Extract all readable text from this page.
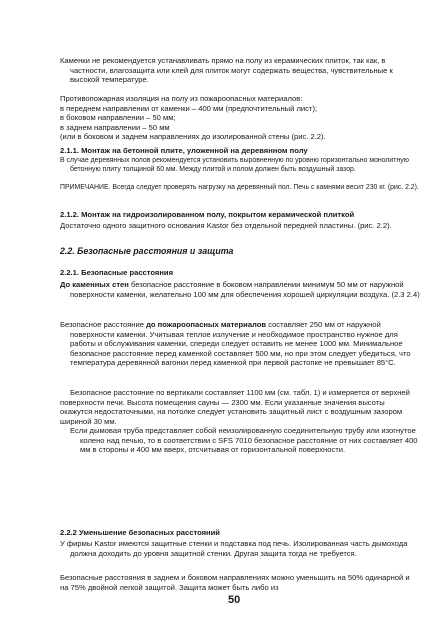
Каменки не рекомендуется устанавливать прямо на полу из керамических плиток, так как, в частности, влагозащита или клей для плиток могут содержать вещества, чувствительные к высокой температуре.

Противопожарная изоляция на полу из пожароопасных материалов:
в переднем направлении от каменки – 400 мм (предпочтительный лист);
в боковом направлении – 50 мм;
в заднем направлении – 50 мм
(или в боковом и заднем направлениях до изолированной стены (рис. 2.2).

2.1.1. Монтаж на бетонной плите, уложенной на деревянном полу

В случае деревянных полов рекомендуется установить выровненную по уровню горизонтально монолитную бетонную плиту толщиной 60 мм. Между плитой и полом должен быть воздушный зазор.

ПРИМЕЧАНИЕ. Всегда следует проверять нагрузку на деревянный пол. Печь с камнями весит 230 кг. (рис. 2.2).

2.1.2. Монтаж на гидроизолированном полу, покрытом керамической плиткой

Достаточно одного защитного основания Kastor без отдельной передней пластины. (рис. 2.2).

2.2. Безопасные расстояния и защита

2.2.1. Безопасные расстояния

До каменных стен безопасное расстояние в боковом направлении минимум 50 мм от наружной поверхности каменки, желательно 100 мм для обеспечения хорошей циркуляции воздуха. (2.3 2.4)

Безопасное расстояние до пожароопасных материалов составляет 250 мм от наружной поверхности каменки. Учитывая теплое излучение и необходимое пространство нужное для работы и обслуживания каменки, спереди следует оставить не менее 1000 мм. Минимальное безопасное расстояние перед каменкой составляет 500 мм, но при этом следует убедиться, что температура деревянной вагонки перед каменкой при первой растопке не превышает 85°С.

Безопасное расстояние по вертикали составляет 1100 мм (см. табл. 1) и измеряется от верхней поверхности печи. Высота помещения сауны — 2300 мм. Если указанные значения высоты окажутся недостаточными, на потолке следует установить защитный лист с воздушным зазором шириной 30 мм.

Если дымовая труба представляет собой неизолированную соединительную трубу или изогнутое колено над печью, то в соответствии с SFS 7010 безопасное расстояние от них составляет 400 мм в стороны и 400 мм вверх, отсчитывая от горизонтальной поверхности.

2.2.2 Уменьшение безопасных расстояний

У фирмы Kastor имеются защитные стенки и подставка под печь. Изолированная часть дымохода должна доходить до уровня защитной стенки. Другая защита тогда не требуется.

Безопасные расстояния в заднем и боковом направлениях можно уменьшить на 50% одинарной и на 75% двойной легкой защитой. Защита может быть либо из

50
